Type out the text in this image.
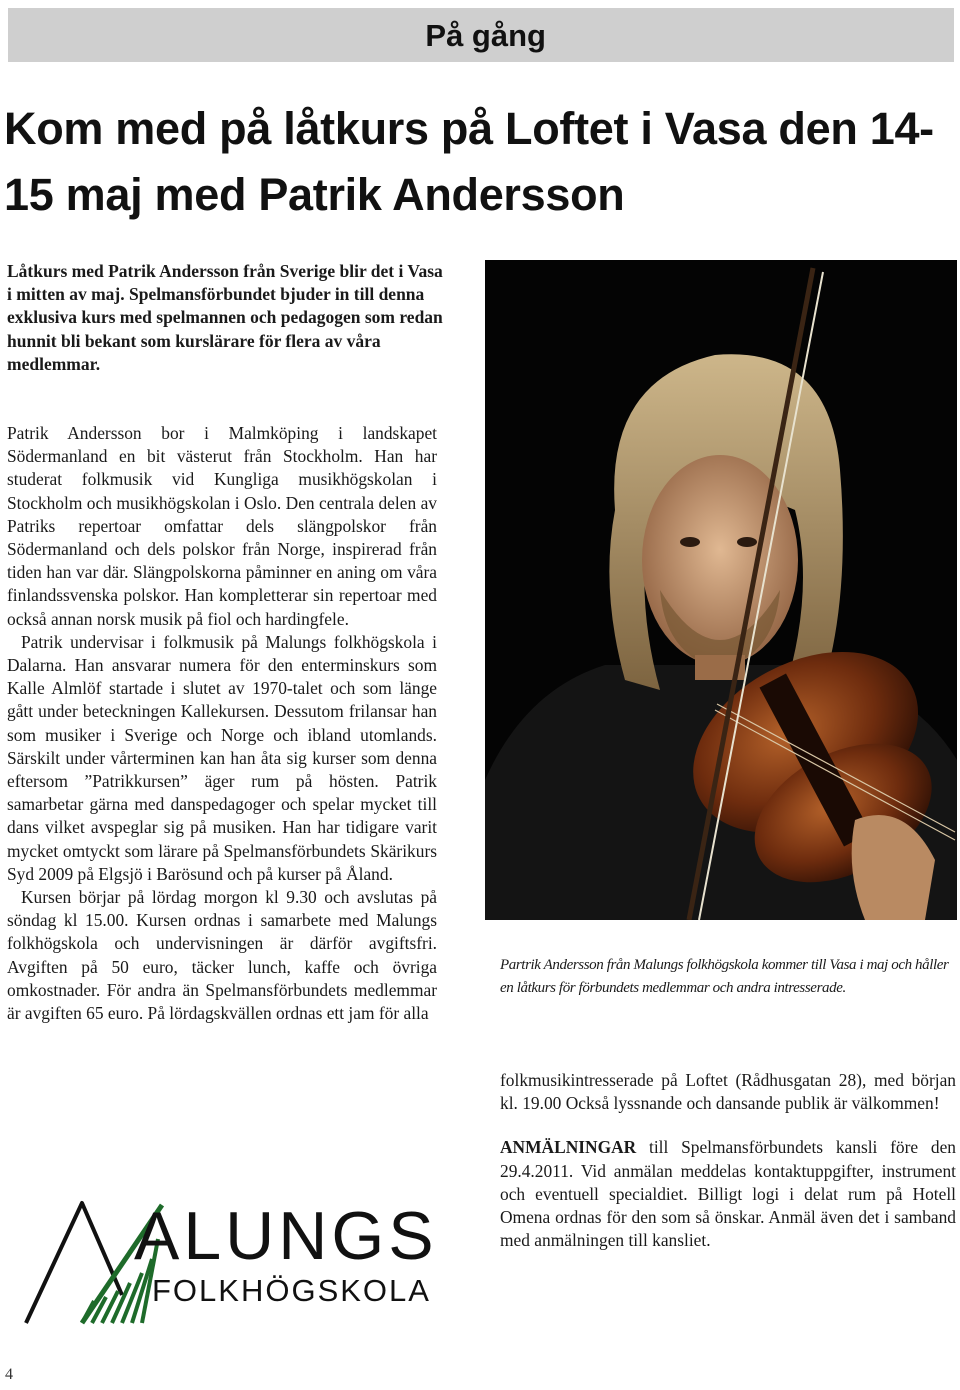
På gång
Kom med på låtkurs på Loftet i Vasa den 14-15 maj med Patrik Andersson

Låtkurs med Patrik Andersson från Sverige blir det i Vasa i mitten av maj. Spelmansförbundet bjuder in till denna exklusiva kurs med spelmannen och pedagogen som redan hunnit bli bekant som kurslärare för flera av våra medlemmar.

Patrik Andersson bor i Malmköping i landskapet Södermanland en bit västerut från Stockholm. Han har studerat folkmusik vid Kungliga musikhögskolan i Stockholm och musikhögskolan i Oslo. Den centrala delen av Patriks repertoar omfattar dels slängpolskor från Södermanland och dels polskor från Norge, inspirerad från tiden han var där. Slängpolskorna påminner en aning om våra finlandssvenska polskor. Han kompletterar sin repertoar med också annan norsk musik på fiol och hardingfele.

Patrik undervisar i folkmusik på Malungs folkhögskola i Dalarna. Han ansvarar numera för den enterminskurs som Kalle Almlöf startade i slutet av 1970-talet och som länge gått under beteckningen Kallekursen. Dessutom frilansar han som musiker i Sverige och Norge och ibland utomlands. Särskilt under vårterminen kan han åta sig kurser som denna eftersom ”Patrikkursen” äger rum på hösten. Patrik samarbetar gärna med danspedagoger och spelar mycket till dans vilket avspeglar sig på musiken. Han har tidigare varit mycket omtyckt som lärare på Spelmansförbundets Skärikurs Syd 2009 på Elgsjö i Barösund och på kurser på Åland.

Kursen börjar på lördag morgon kl 9.30 och avslutas på söndag kl 15.00. Kursen ordnas i samarbete med Malungs folkhögskola och undervisningen är därför avgiftsfri. Avgiften på 50 euro, täcker lunch, kaffe och övriga omkostnader. För andra än Spelmansförbundets medlemmar är avgiften 65 euro. På lördagskvällen ordnas ett jam för alla

Partrik Andersson från Malungs folkhögskola kommer till Vasa i maj och håller en låtkurs för förbundets medlemmar och andra intresserade.

folkmusikintresserade på Loftet (Rådhusgatan 28), med början kl. 19.00 Också lyssnande och dansande publik är välkommen!

ANMÄLNINGAR till Spelmansförbundets kansli före den 29.4.2011. Vid anmälan meddelas kontaktuppgifter, instrument och eventuell specialdiet. Billigt logi i delat rum på Hotell Omena ordnas för den som så önskar. Anmäl även det i samband med anmälningen till kansliet.

ALUNGS
FOLKHÖGSKOLA
4
